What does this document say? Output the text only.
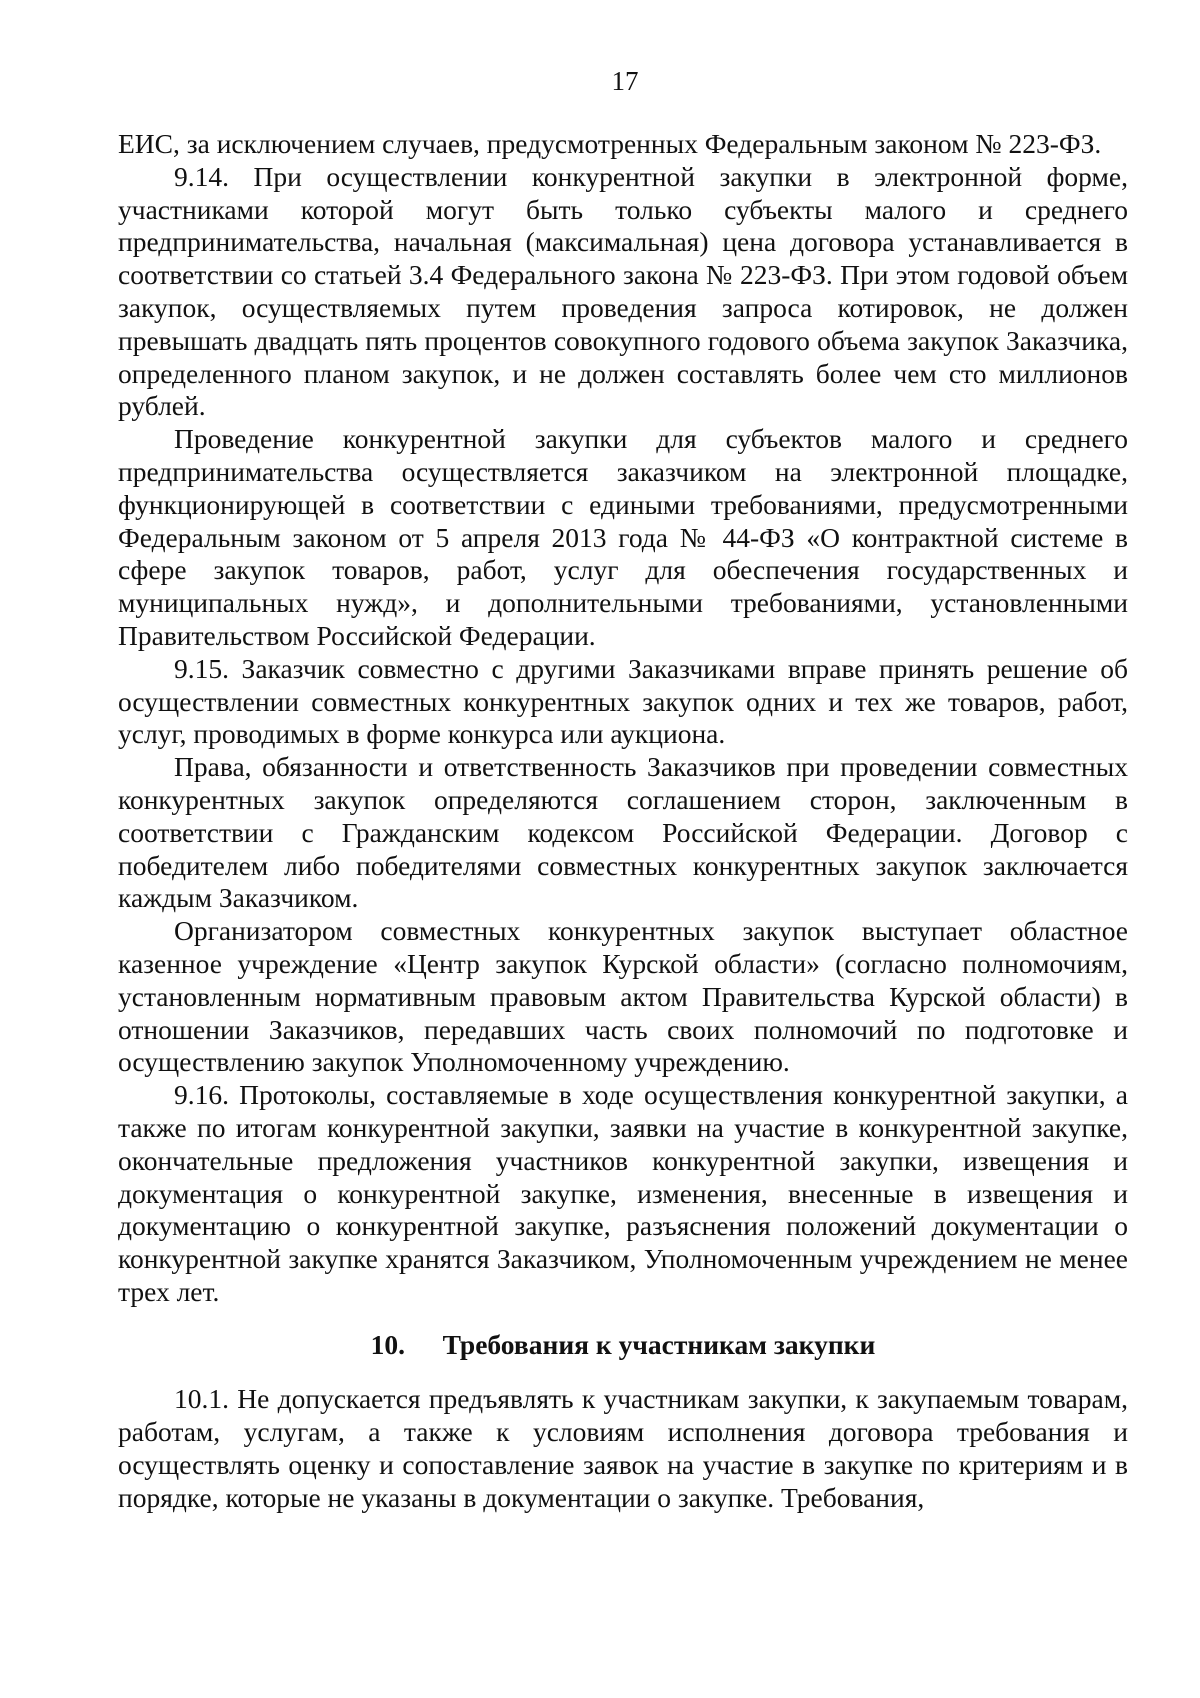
17

ЕИС, за исключением случаев, предусмотренных Федеральным законом № 223-ФЗ.

9.14. При осуществлении конкурентной закупки в электронной форме, участниками которой могут быть только субъекты малого и среднего предпринимательства, начальная (максимальная) цена договора устанавливается в соответствии со статьей 3.4 Федерального закона № 223-ФЗ. При этом годовой объем закупок, осуществляемых путем проведения запроса котировок, не должен превышать двадцать пять процентов совокупного годового объема закупок Заказчика, определенного планом закупок, и не должен составлять более чем сто миллионов рублей.

Проведение конкурентной закупки для субъектов малого и среднего предпринимательства осуществляется заказчиком на электронной площадке, функционирующей в соответствии с едиными требованиями, предусмотренными Федеральным законом от 5 апреля 2013 года № 44-ФЗ «О контрактной системе в сфере закупок товаров, работ, услуг для обеспечения государственных и муниципальных нужд», и дополнительными требованиями, установленными Правительством Российской Федерации.

9.15. Заказчик совместно с другими Заказчиками вправе принять решение об осуществлении совместных конкурентных закупок одних и тех же товаров, работ, услуг, проводимых в форме конкурса или аукциона.

Права, обязанности и ответственность Заказчиков при проведении совместных конкурентных закупок определяются соглашением сторон, заключенным в соответствии с Гражданским кодексом Российской Федерации. Договор с победителем либо победителями совместных конкурентных закупок заключается каждым Заказчиком.

Организатором совместных конкурентных закупок выступает областное казенное учреждение «Центр закупок Курской области» (согласно полномочиям, установленным нормативным правовым актом Правительства Курской области) в отношении Заказчиков, передавших часть своих полномочий по подготовке и осуществлению закупок Уполномоченному учреждению.

9.16. Протоколы, составляемые в ходе осуществления конкурентной закупки, а также по итогам конкурентной закупки, заявки на участие в конкурентной закупке, окончательные предложения участников конкурентной закупки, извещения и документация о конкурентной закупке, изменения, внесенные в извещения и документацию о конкурентной закупке, разъяснения положений документации о конкурентной закупке хранятся Заказчиком, Уполномоченным учреждением не менее трех лет.

10. Требования к участникам закупки

10.1. Не допускается предъявлять к участникам закупки, к закупаемым товарам, работам, услугам, а также к условиям исполнения договора требования и осуществлять оценку и сопоставление заявок на участие в закупке по критериям и в порядке, которые не указаны в документации о закупке. Требования,
